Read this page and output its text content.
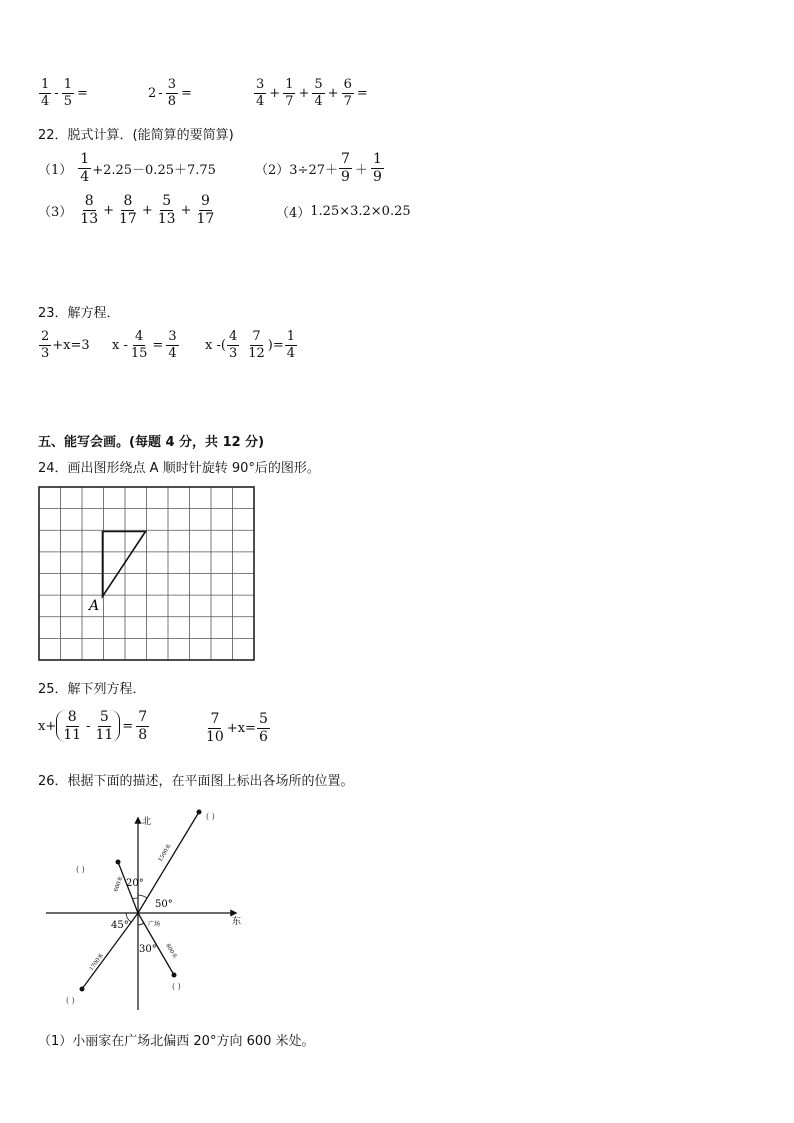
$\frac{1}{4} - \frac{1}{5}$ =	$2 - \frac{3}{8}$ =	$\frac{3}{4} + \frac{1}{7} + \frac{5}{4} + \frac{6}{7}$ =
22．脱式计算．(能简算的要简算)
$(1) \frac{1}{4} +2.25-0.25+7.75$	（2） $3\div 27+ \frac{7}{9} + \frac{1}{9}$
$(3) \frac{8}{13} + \frac{8}{17} + \frac{5}{13} + \frac{9}{17}$	（4） 1.25×3.2×0.25
23．解方程．
$\frac{2}{3} +x=3$ $x - \frac{4}{15} = \frac{3}{4}$ x -( $\frac{4}{3} \frac{7}{12}$ )= $\frac{1}{4}$
五、能写会画。(每题 4 分，共 12 分)
24．画出图形绕点 A 顺时针旋转 90°后的图形。
A
25．解下列方程．
$x+ \frac{8}{11} - \frac{5}{11} = \frac{7}{8}$	$\frac{7}{10} +x= \frac{5}{6}$
26．根据下面的描述，在平面图上标出各场所的位置。
北
东
20°
50°
45°
30°
广场
1500米
600米
1700米
800米
( )
( )
( )
( )
（1）小丽家在广场北偏西 20°方向 600 米处。
